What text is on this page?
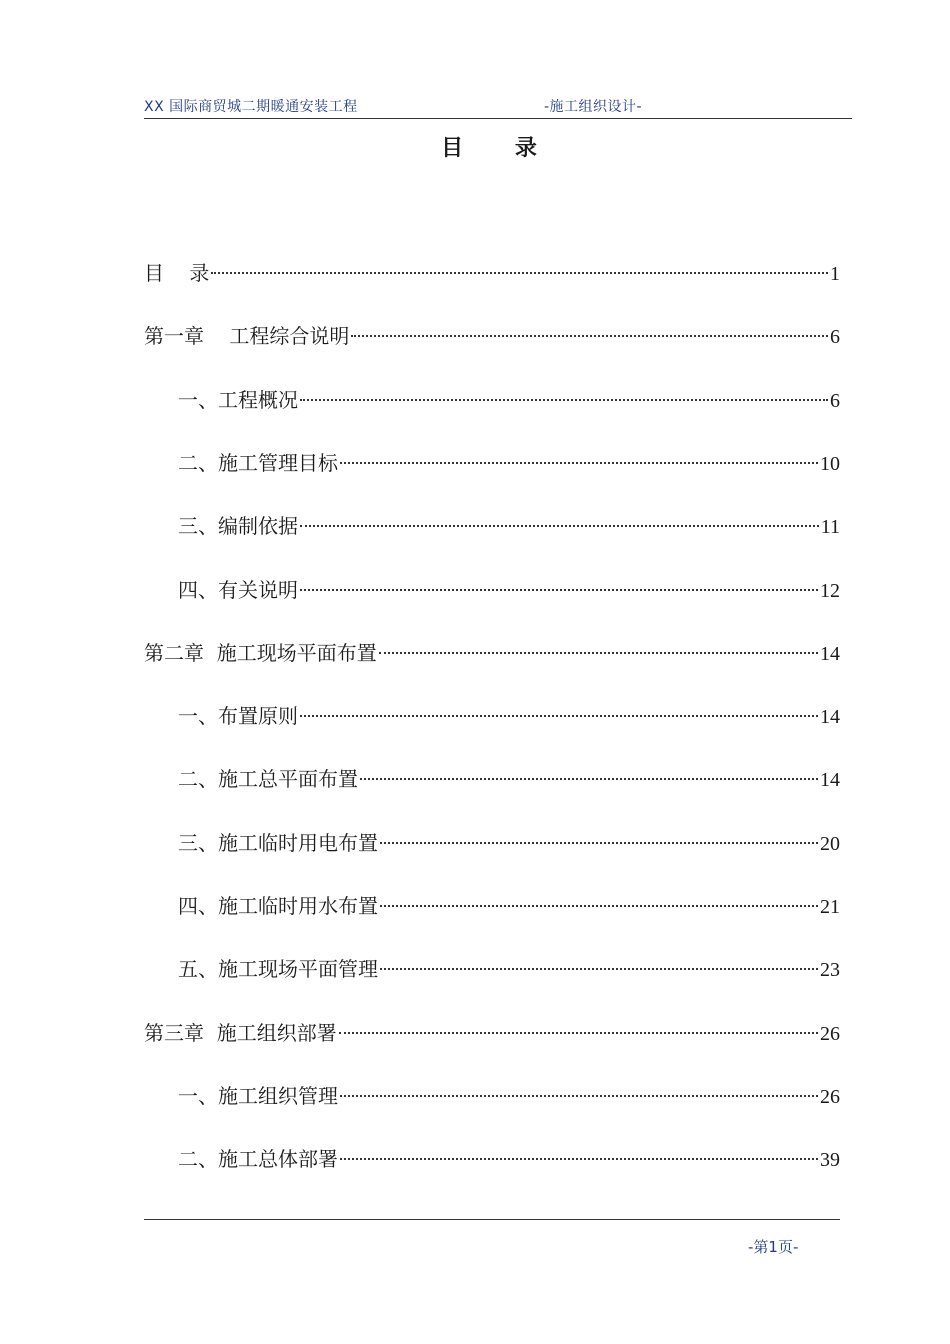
XX 国际商贸城二期暖通安装工程	-施工组织设计-
目 录
目    录	1
第一章    工程综合说明	6
一、工程概况	6
二、施工管理目标	10
三、编制依据	11
四、有关说明	12
第二章  施工现场平面布置	14
一、布置原则	14
二、施工总平面布置	14
三、施工临时用电布置	20
四、施工临时用水布置	21
五、施工现场平面管理	23
第三章  施工组织部署	26
一、施工组织管理	26
二、施工总体部署	39
-第1页-
